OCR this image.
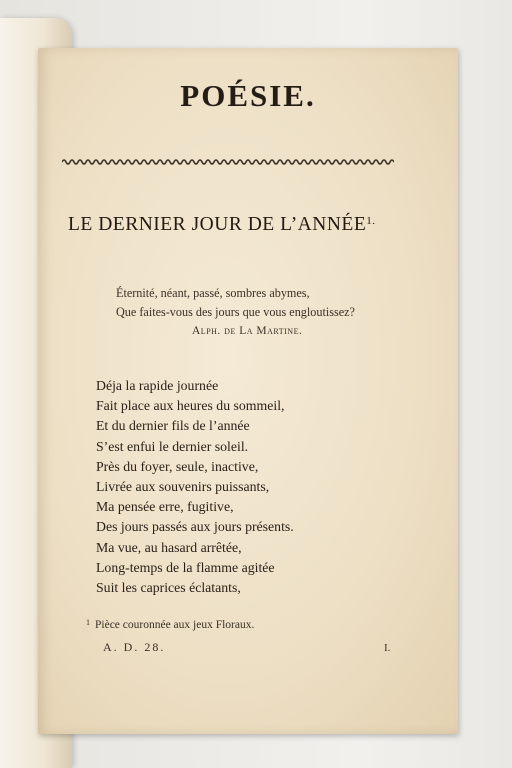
POÉSIE.
LE DERNIER JOUR DE $L’ANNÉE^{1.}$
Éternité, néant, passé, sombres abymes,
Que faites-vous des jours que vous engloutissez?
Alph. de La Martine.
Déja la rapide journée
Fait place aux heures du sommeil,
Et du dernier fils de l’année
S’est enfui le dernier soleil.
Près du foyer, seule, inactive,
Livrée aux souvenirs puissants,
Ma pensée erre, fugitive,
Des jours passés aux jours présents.
Ma vue, au hasard arrêtée,
Long-temps de la flamme agitée
Suit les caprices éclatants,
$^1$ Pièce couronnée aux jeux Floraux.
A. D. 28.	I.
